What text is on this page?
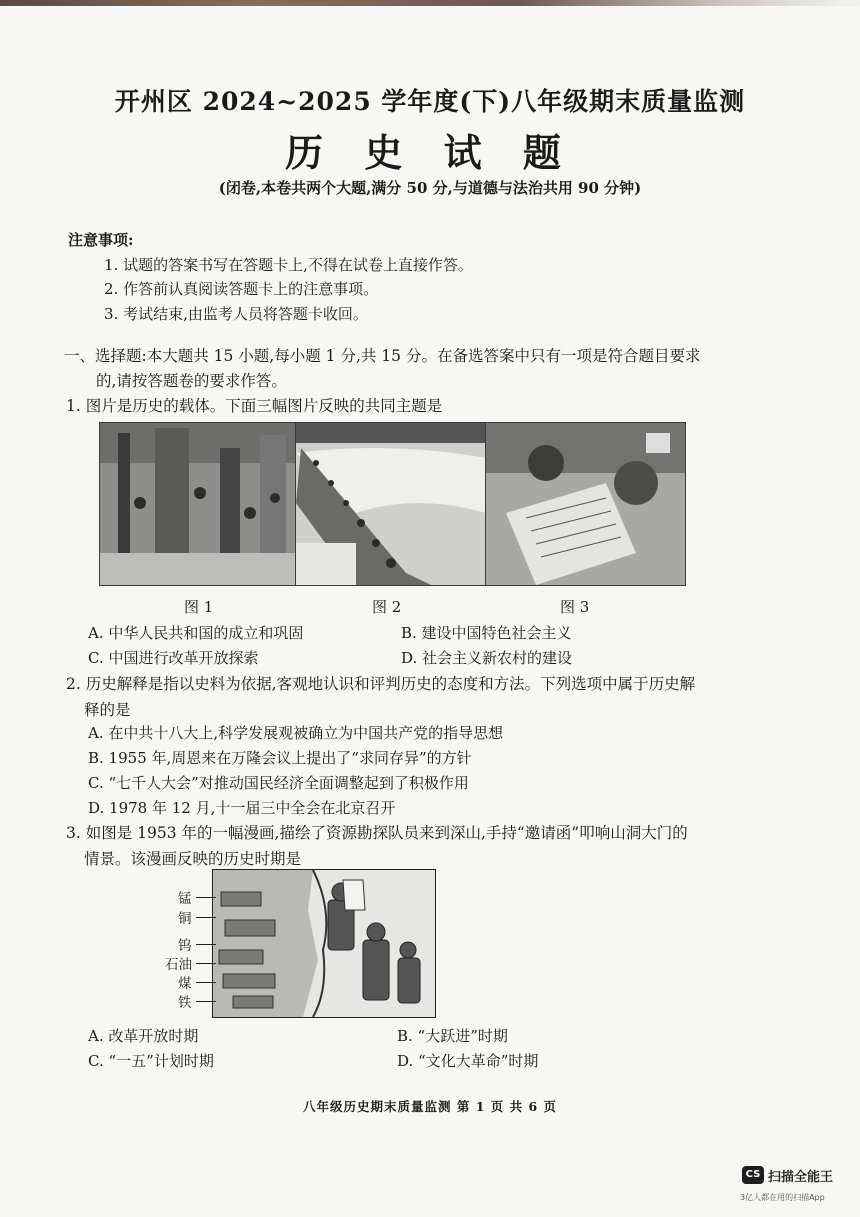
开州区 2024~2025 学年度(下)八年级期末质量监测
历 史 试 题
(闭卷,本卷共两个大题,满分 50 分,与道德与法治共用 90 分钟)
注意事项:
1. 试题的答案书写在答题卡上,不得在试卷上直接作答。
2. 作答前认真阅读答题卡上的注意事项。
3. 考试结束,由监考人员将答题卡收回。
一、选择题:本大题共 15 小题,每小题 1 分,共 15 分。在备选答案中只有一项是符合题目要求
的,请按答题卷的要求作答。
1. 图片是历史的载体。下面三幅图片反映的共同主题是
图 1	图 2	图 3
A. 中华人民共和国的成立和巩固	B. 建设中国特色社会主义
C. 中国进行改革开放探索	D. 社会主义新农村的建设
2. 历史解释是指以史料为依据,客观地认识和评判历史的态度和方法。下列选项中属于历史解
释的是
A. 在中共十八大上,科学发展观被确立为中国共产党的指导思想
B. 1955 年,周恩来在万隆会议上提出了“求同存异”的方针
C. “七千人大会”对推动国民经济全面调整起到了积极作用
D. 1978 年 12 月,十一届三中全会在北京召开
3. 如图是 1953 年的一幅漫画,描绘了资源勘探队员来到深山,手持“邀请函”叩响山洞大门的
情景。该漫画反映的历史时期是
锰
铜
钨
石油
煤
铁
A. 改革开放时期	B. “大跃进”时期
C. “一五”计划时期	D. “文化大革命”时期
八年级历史期末质量监测 第 1 页 共 6 页
CS 扫描全能王
3亿人都在用的扫描App
